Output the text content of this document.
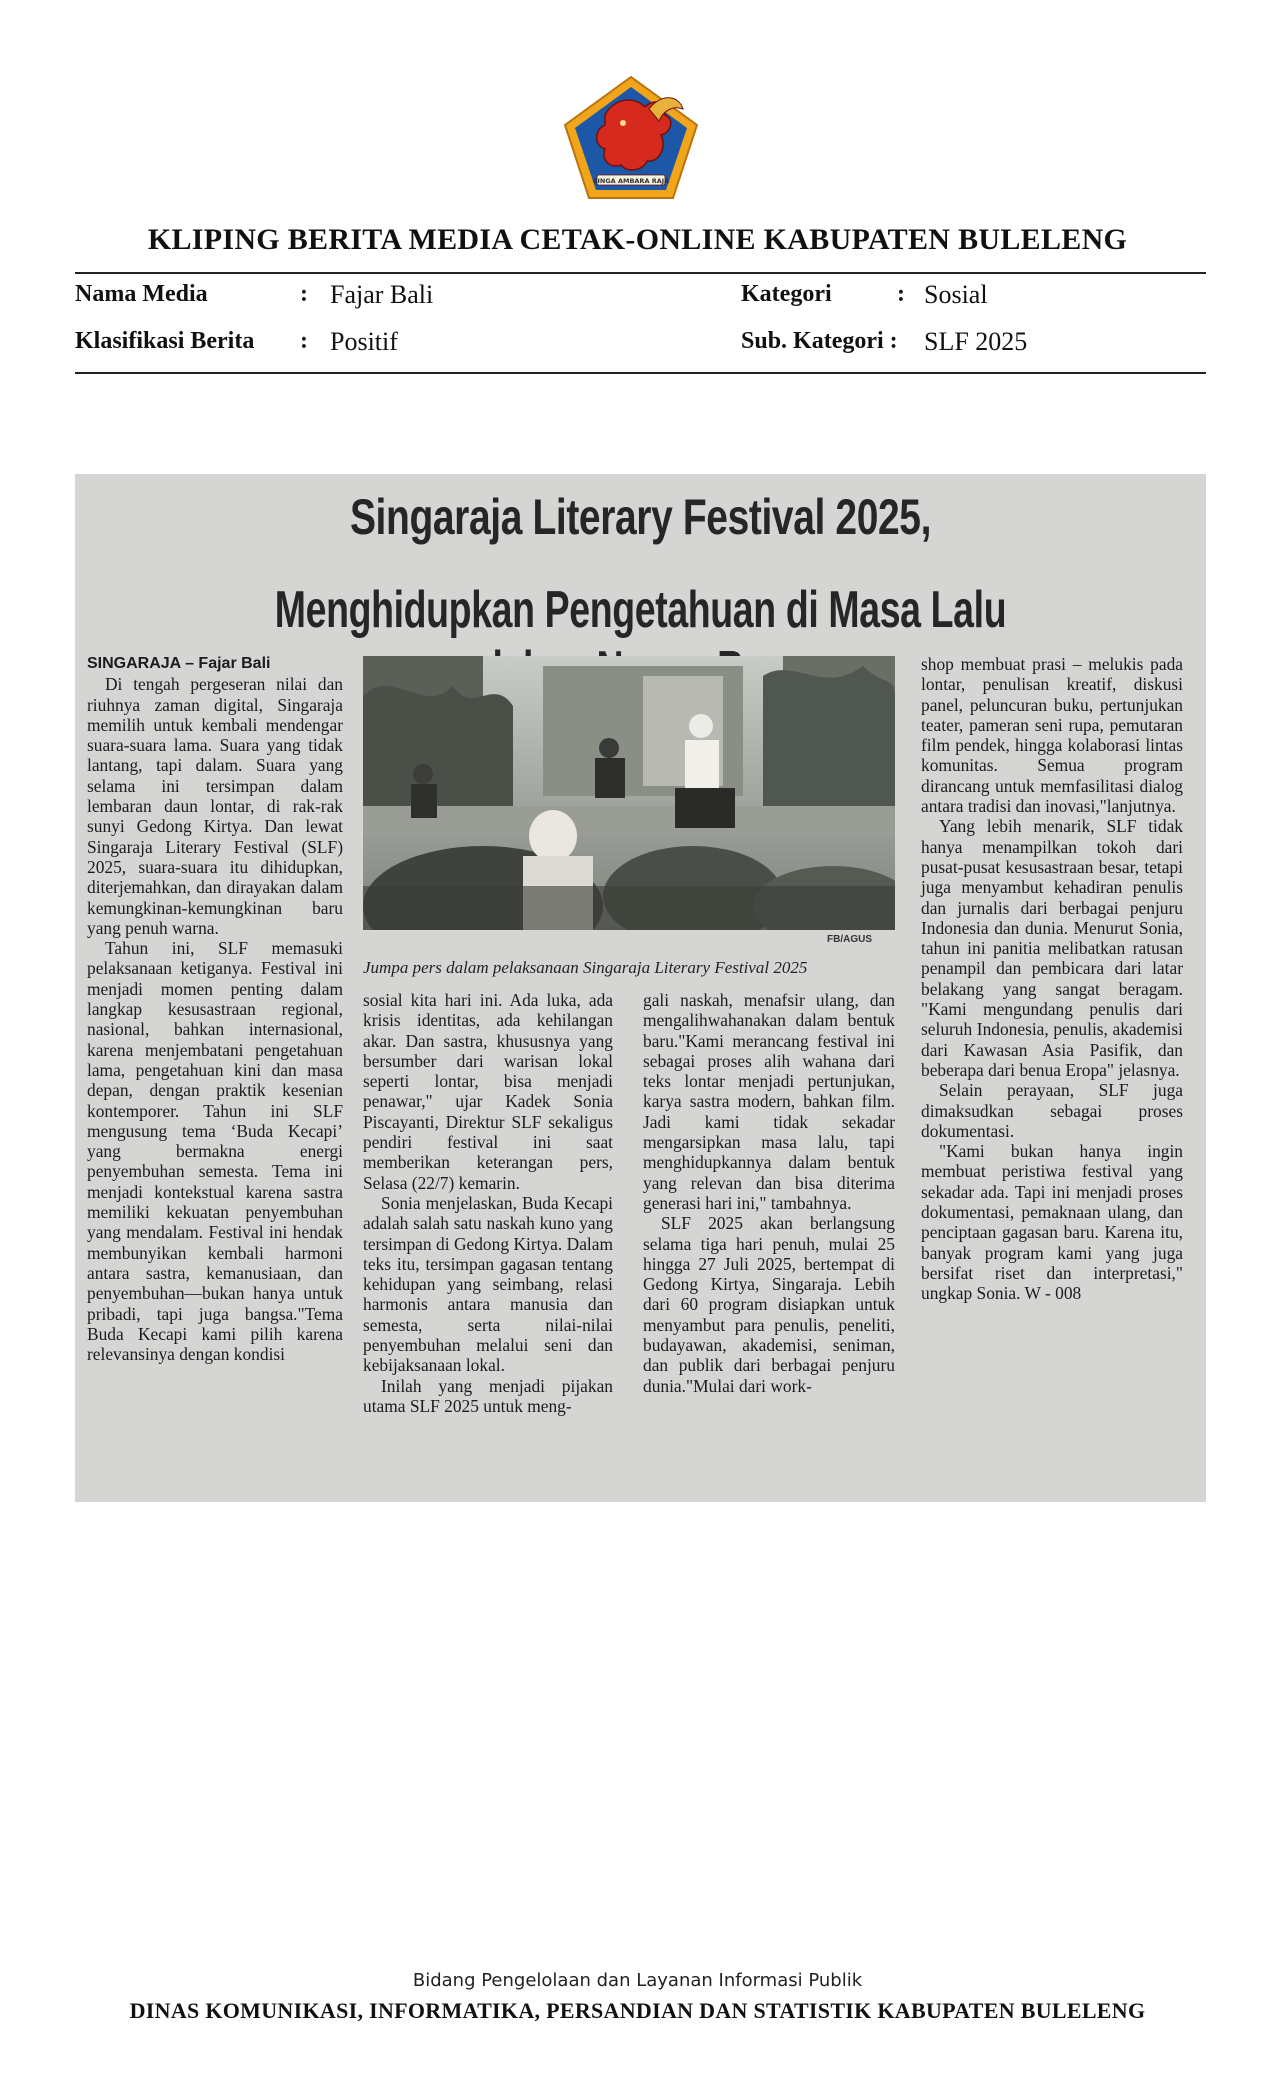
SINGA AMBARA RAJA
KLIPING BERITA MEDIA CETAK-ONLINE KABUPATEN BULELENG
Nama Media	: Fajar Bali	Kategori	: Sosial
Klasifikasi Berita : Positif	Sub. Kategori : SLF 2025
Singaraja Literary Festival 2025,
Menghidupkan Pengetahuan di Masa Lalu
SINGARAJA – Fajar Bali

Di tengah pergeseran nilai dan riuhnya zaman digital, Singaraja memilih untuk kembali mendengar suara-suara lama. Suara yang tidak lantang, tapi dalam. Suara yang selama ini tersimpan dalam lembaran daun lontar, di rak-rak sunyi Gedong Kirtya. Dan lewat Singaraja Literary Festival (SLF) 2025, suara-suara itu dihidupkan, diterjemahkan, dan dirayakan dalam kemungkinan-kemungkinan baru yang penuh warna.

Tahun ini, SLF memasuki pelaksanaan ketiganya. Festival ini menjadi momen penting dalam langkap kesusastraan regional, nasional, bahkan internasional, karena menjembatani pengetahuan lama, pengetahuan kini dan masa depan, dengan praktik kesenian kontemporer. Tahun ini SLF mengusung tema ‘Buda Kecapi’ yang bermakna energi penyembuhan semesta. Tema ini menjadi kontekstual karena sastra memiliki kekuatan penyembuhan yang mendalam. Festival ini hendak membunyikan kembali harmoni antara sastra, kemanusiaan, dan penyembuhan—bukan hanya untuk pribadi, tapi juga bangsa."Tema Buda Kecapi kami pilih karena relevansinya dengan kondisi

FB/AGUS
Jumpa pers dalam pelaksanaan Singaraja Literary Festival 2025

sosial kita hari ini. Ada luka, ada krisis identitas, ada kehilangan akar. Dan sastra, khususnya yang bersumber dari warisan lokal seperti lontar, bisa menjadi penawar," ujar Kadek Sonia Piscayanti, Direktur SLF sekaligus pendiri festival ini saat memberikan keterangan pers, Selasa (22/7) kemarin.

Sonia menjelaskan, Buda Kecapi adalah salah satu naskah kuno yang tersimpan di Gedong Kirtya. Dalam teks itu, tersimpan gagasan tentang kehidupan yang seimbang, relasi harmonis antara manusia dan semesta, serta nilai-nilai penyembuhan melalui seni dan kebijaksanaan lokal.

Inilah yang menjadi pijakan utama SLF 2025 untuk meng-

gali naskah, menafsir ulang, dan mengalihwahanakan dalam bentuk baru."Kami merancang festival ini sebagai proses alih wahana dari teks lontar menjadi pertunjukan, karya sastra modern, bahkan film. Jadi kami tidak sekadar mengarsipkan masa lalu, tapi menghidupkannya dalam bentuk yang relevan dan bisa diterima generasi hari ini," tambahnya.

SLF 2025 akan berlangsung selama tiga hari penuh, mulai 25 hingga 27 Juli 2025, bertempat di Gedong Kirtya, Singaraja. Lebih dari 60 program disiapkan untuk menyambut para penulis, peneliti, budayawan, akademisi, seniman, dan publik dari berbagai penjuru dunia."Mulai dari work-

shop membuat prasi – melukis pada lontar, penulisan kreatif, diskusi panel, peluncuran buku, pertunjukan teater, pameran seni rupa, pemutaran film pendek, hingga kolaborasi lintas komunitas. Semua program dirancang untuk memfasilitasi dialog antara tradisi dan inovasi,"lanjutnya.

Yang lebih menarik, SLF tidak hanya menampilkan tokoh dari pusat-pusat kesusastraan besar, tetapi juga menyambut kehadiran penulis dan jurnalis dari berbagai penjuru Indonesia dan dunia. Menurut Sonia, tahun ini panitia melibatkan ratusan penampil dan pembicara dari latar belakang yang sangat beragam. "Kami mengundang penulis dari seluruh Indonesia, penulis, akademisi dari Kawasan Asia Pasifik, dan beberapa dari benua Eropa" jelasnya.

Selain perayaan, SLF juga dimaksudkan sebagai proses dokumentasi.

"Kami bukan hanya ingin membuat peristiwa festival yang sekadar ada. Tapi ini menjadi proses dokumentasi, pemaknaan ulang, dan penciptaan gagasan baru. Karena itu, banyak program kami yang juga bersifat riset dan interpretasi," ungkap Sonia. W - 008

Bidang Pengelolaan dan Layanan Informasi Publik
DINAS KOMUNIKASI, INFORMATIKA, PERSANDIAN DAN STATISTIK KABUPATEN BULELENG
